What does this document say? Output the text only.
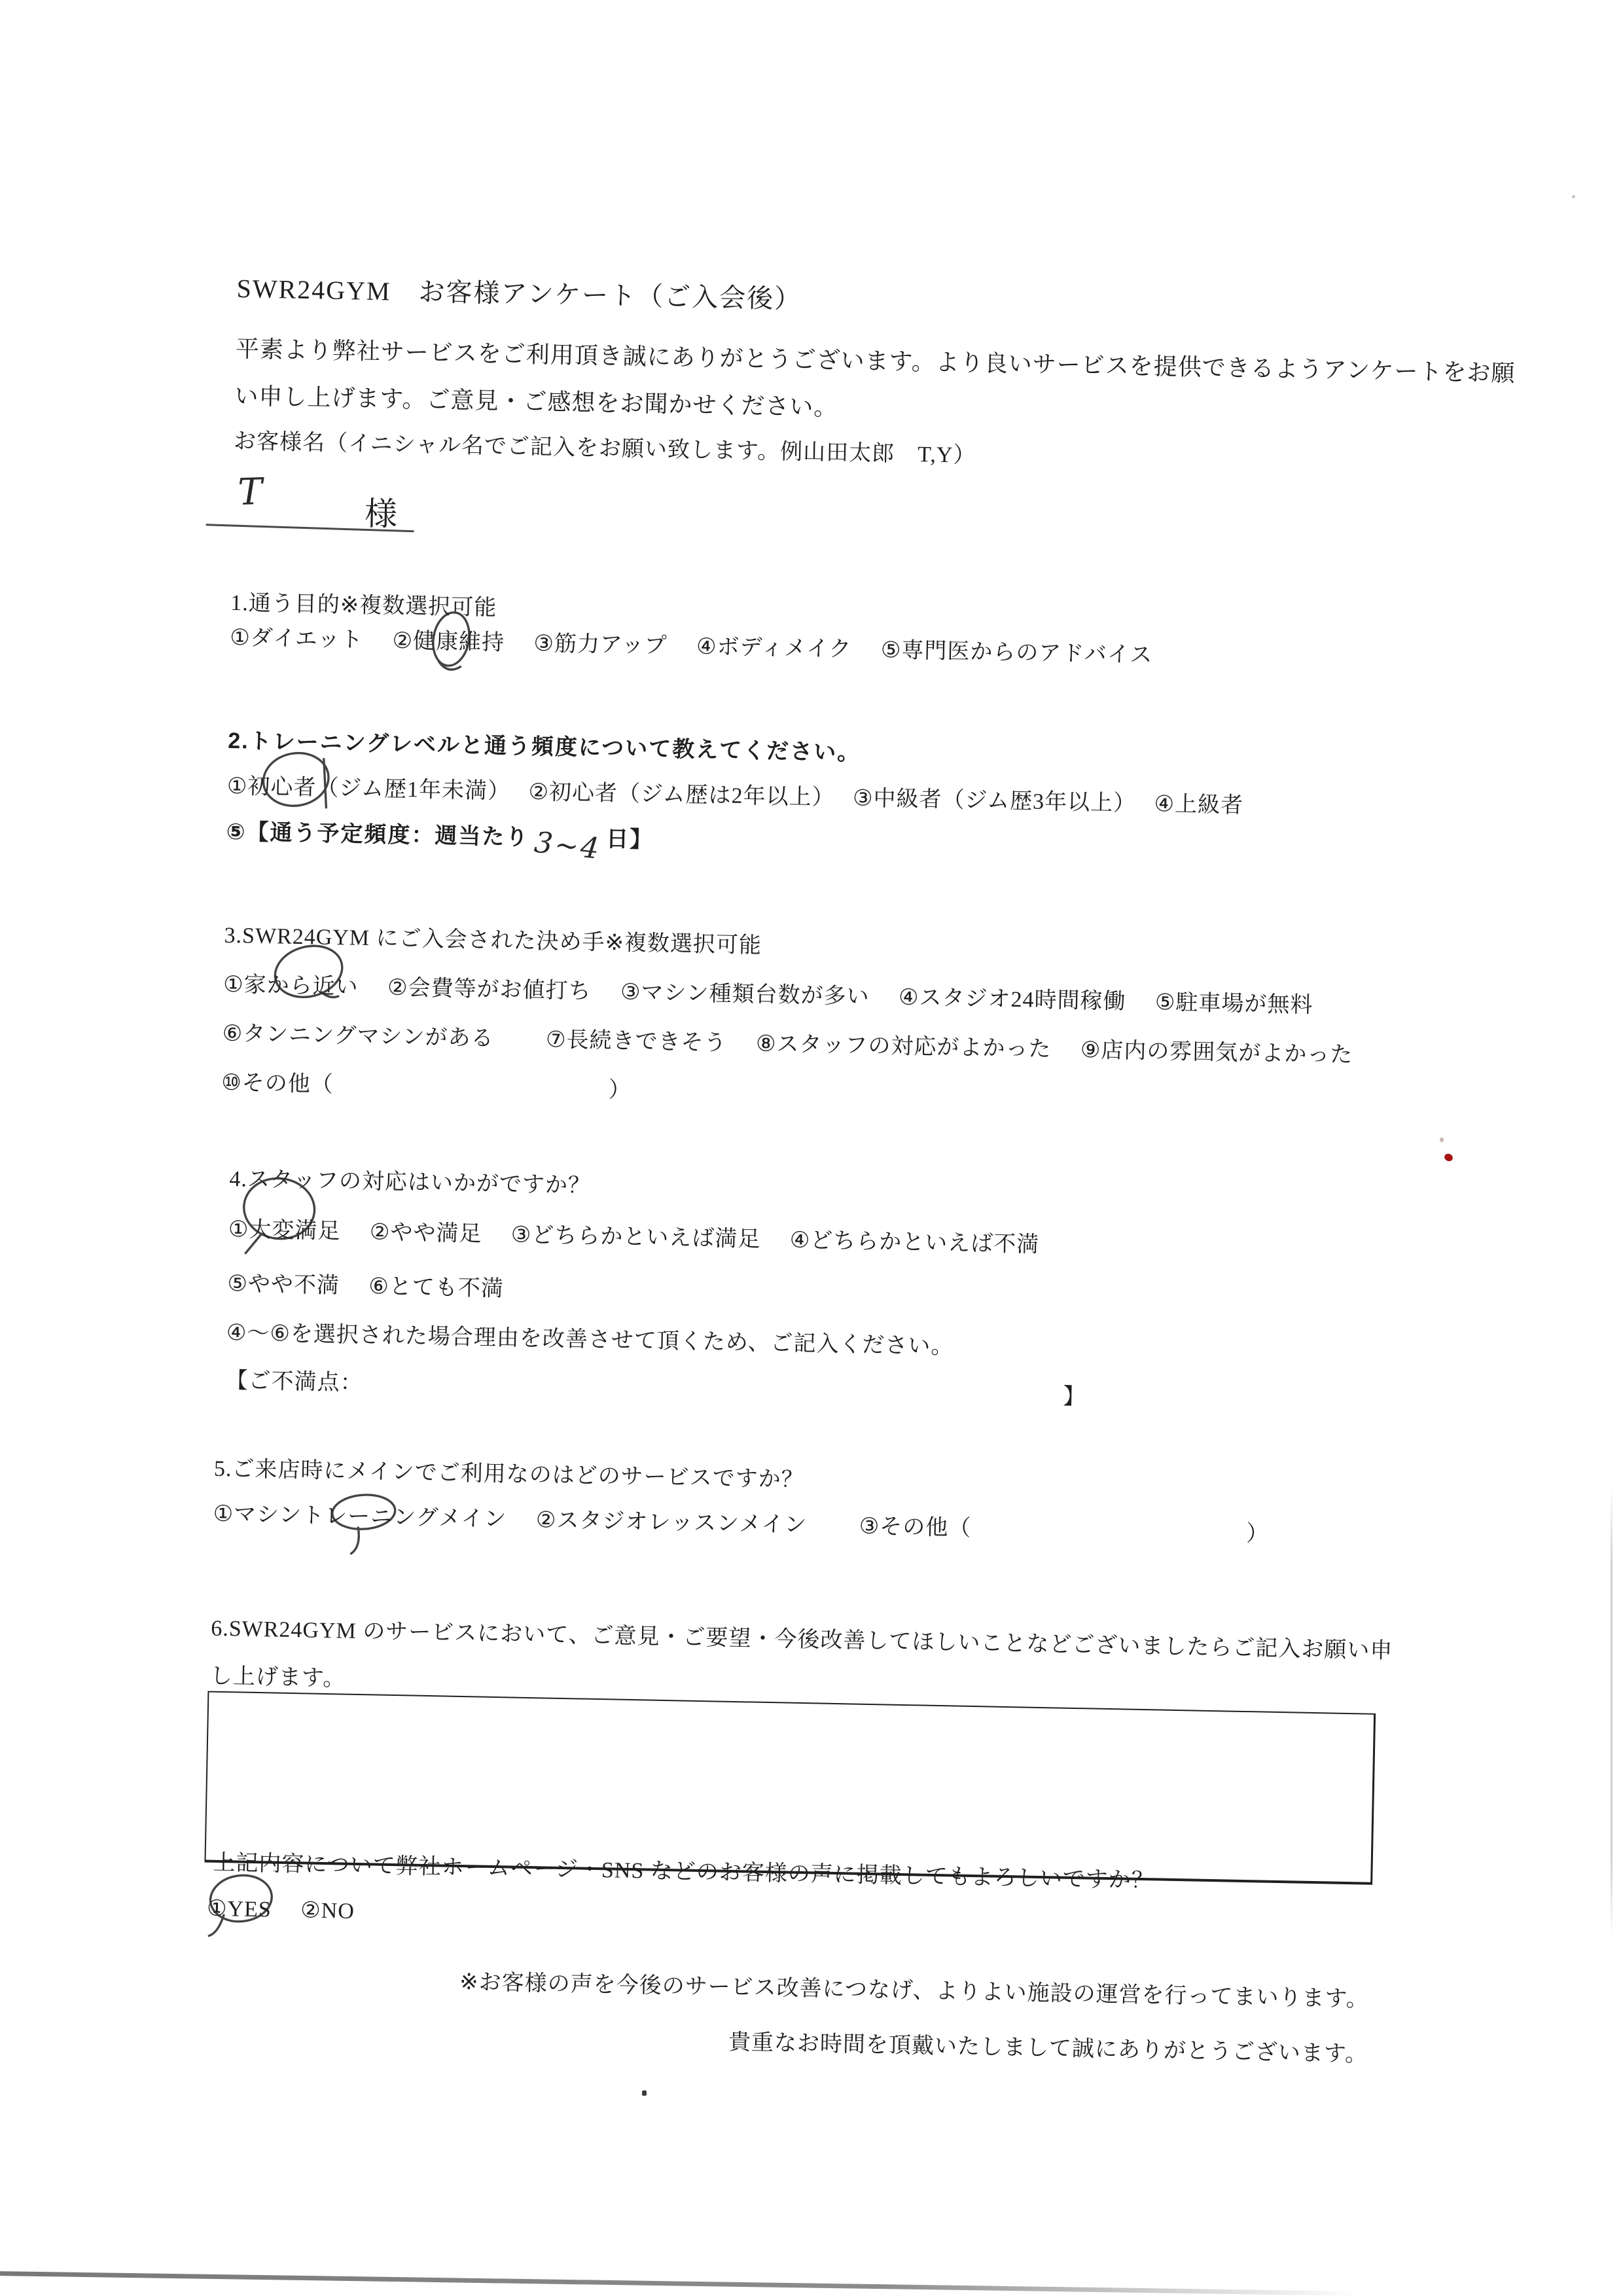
SWR24GYM　お客様アンケート（ご入会後）
平素より弊社サービスをご利用頂き誠にありがとうございます。より良いサービスを提供できるようアンケートをお願
い申し上げます。ご意見・ご感想をお聞かせください。
お客様名（イニシャル名でご記入をお願い致します。例山田太郎　T,Y）
T
様
1.通う目的※複数選択可能
①ダイエット　 ②健康維持　 ③筋力アップ　 ④ボディメイク　 ⑤専門医からのアドバイス
2.トレーニングレベルと通う頻度について教えてください。
①初心者（ジム歴1年未満）　 ②初心者（ジム歴は2年以上）　 ③中級者（ジム歴3年以上）　 ④上級者
⑤【通う予定頻度：週当たり 3~4 日】
3.SWR24GYM にご入会された決め手※複数選択可能
①家から近い　 ②会費等がお値打ち　 ③マシン種類台数が多い　 ④スタジオ24時間稼働　 ⑤駐車場が無料
⑥タンニングマシンがある　　 ⑦長続きできそう　 ⑧スタッフの対応がよかった　 ⑨店内の雰囲気がよかった
⑩その他（　　　　　　　　　　　　）
4.スタッフの対応はいかがですか？
①大変満足　 ②やや満足　 ③どちらかといえば満足　 ④どちらかといえば不満
⑤やや不満　 ⑥とても不満
④～⑥を選択された場合理由を改善させて頂くため、ご記入ください。
【ご不満点：
】
5.ご来店時にメインでご利用なのはどのサービスですか？
①マシントレーニングメイン　 ②スタジオレッスンメイン　　 ③その他（　　　　　　　　　　　　）
6.SWR24GYM のサービスにおいて、ご意見・ご要望・今後改善してほしいことなどございましたらご記入お願い申
し上げます。
上記内容について弊社ホームページ・SNS などのお客様の声に掲載してもよろしいですか？
①YES　 ②NO
※お客様の声を今後のサービス改善につなげ、よりよい施設の運営を行ってまいります。
貴重なお時間を頂戴いたしまして誠にありがとうございます。
